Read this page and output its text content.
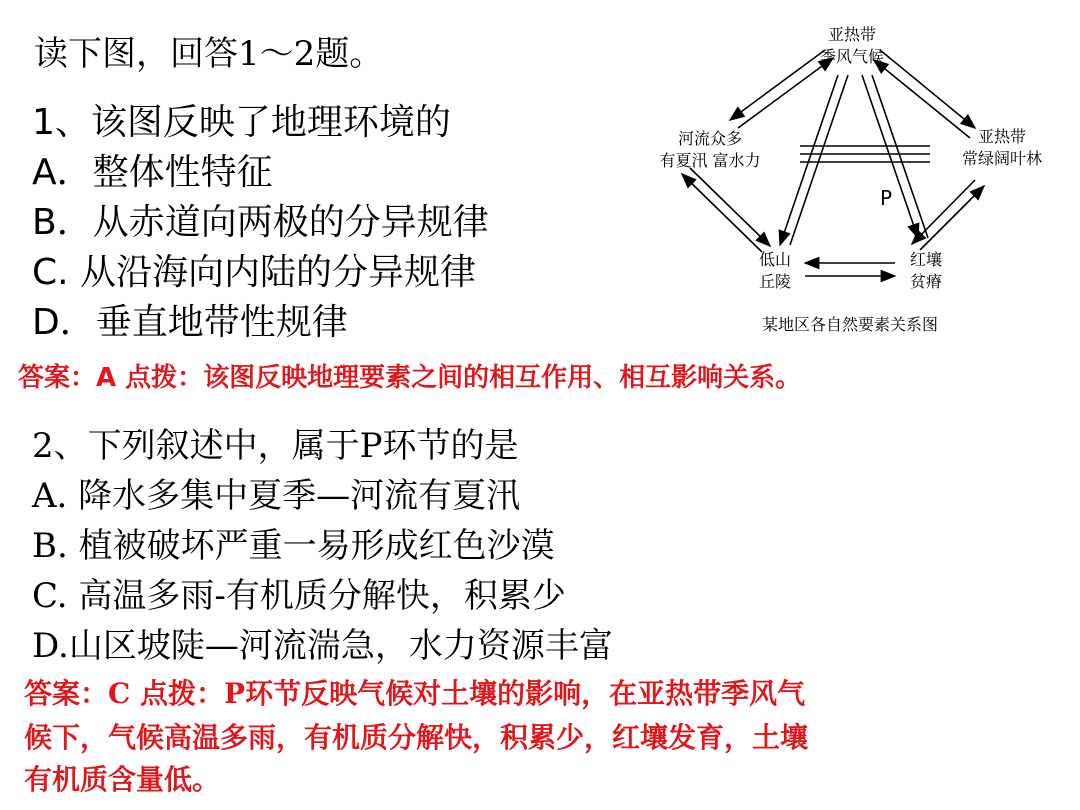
读下图，回答1～2题。
1、该图反映了地理环境的
A．整体性特征
B．从赤道向两极的分异规律
C. 从沿海向内陆的分异规律
D．垂直地带性规律
答案：A 点拨：该图反映地理要素之间的相互作用、相互影响关系。
亚热带
季风气候
亚热带
常绿阔叶林
河流众多
有夏汛 富水力
低山
丘陵
红壤
贫瘠
P
某地区各自然要素关系图
2、下列叙述中，属于P环节的是
A. 降水多集中夏季—河流有夏汛
B. 植被破坏严重一易形成红色沙漠
C. 高温多雨-有机质分解快，积累少
D.山区坡陡—河流湍急，水力资源丰富
答案：C 点拨：P环节反映气候对土壤的影响，在亚热带季风气
候下，气候高温多雨，有机质分解快，积累少，红壤发育，土壤
有机质含量低。
